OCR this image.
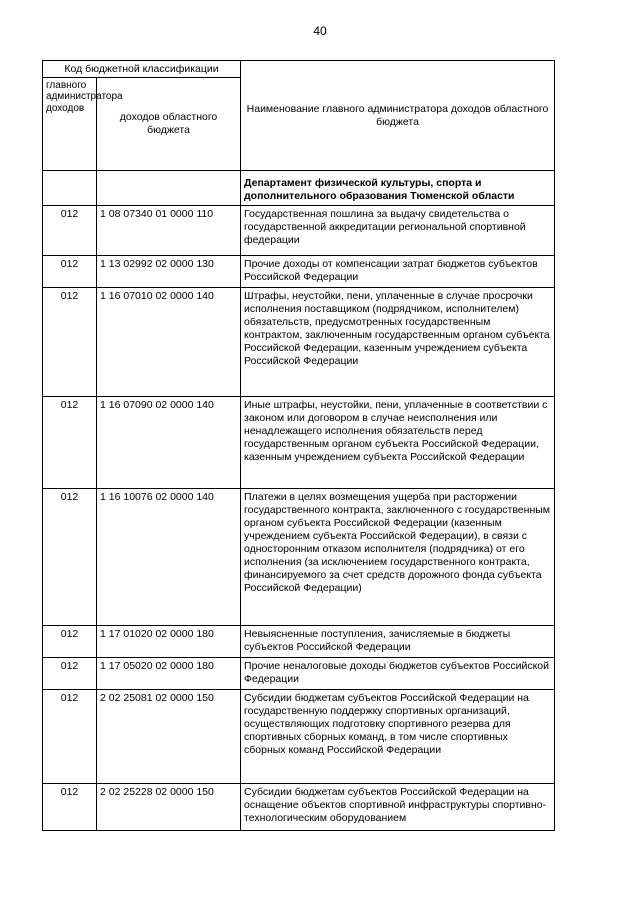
40
Код бюджетной классификации		Наименование главного администратора доходов областного бюджета
главного администратора доходов	доходов областного бюджета	
		Департамент физической культуры, спорта и дополнительного образования Тюменской области
012	1 08 07340 01 0000 110	Государственная пошлина за выдачу свидетельства о государственной аккредитации региональной спортивной федерации
012	1 13 02992 02 0000 130	Прочие доходы от компенсации затрат бюджетов субъектов Российской Федерации
012	1 16 07010 02 0000 140	Штрафы, неустойки, пени, уплаченные в случае просрочки исполнения поставщиком (подрядчиком, исполнителем) обязательств, предусмотренных государственным контрактом, заключенным государственным органом субъекта Российской Федерации, казенным учреждением субъекта Российской Федерации
012	1 16 07090 02 0000 140	Иные штрафы, неустойки, пени, уплаченные в соответствии с законом или договором в случае неисполнения или ненадлежащего исполнения обязательств перед государственным органом субъекта Российской Федерации, казенным учреждением субъекта Российской Федерации
012	1 16 10076 02 0000 140	Платежи в целях возмещения ущерба при расторжении государственного контракта, заключенного с государственным органом субъекта Российской Федерации (казенным учреждением субъекта Российской Федерации), в связи с односторонним отказом исполнителя (подрядчика) от его исполнения (за исключением государственного контракта, финансируемого за счет средств дорожного фонда субъекта Российской Федерации)
012	1 17 01020 02 0000 180	Невыясненные поступления, зачисляемые в бюджеты субъектов Российской Федерации
012	1 17 05020 02 0000 180	Прочие неналоговые доходы бюджетов субъектов Российской Федерации
012	2 02 25081 02 0000 150	Субсидии бюджетам субъектов Российской Федерации на государственную поддержку спортивных организаций, осуществляющих подготовку спортивного резерва для спортивных сборных команд, в том числе спортивных сборных команд Российской Федерации
012	2 02 25228 02 0000 150	Субсидии бюджетам субъектов Российской Федерации на оснащение объектов спортивной инфраструктуры спортивно-технологическим оборудованием
